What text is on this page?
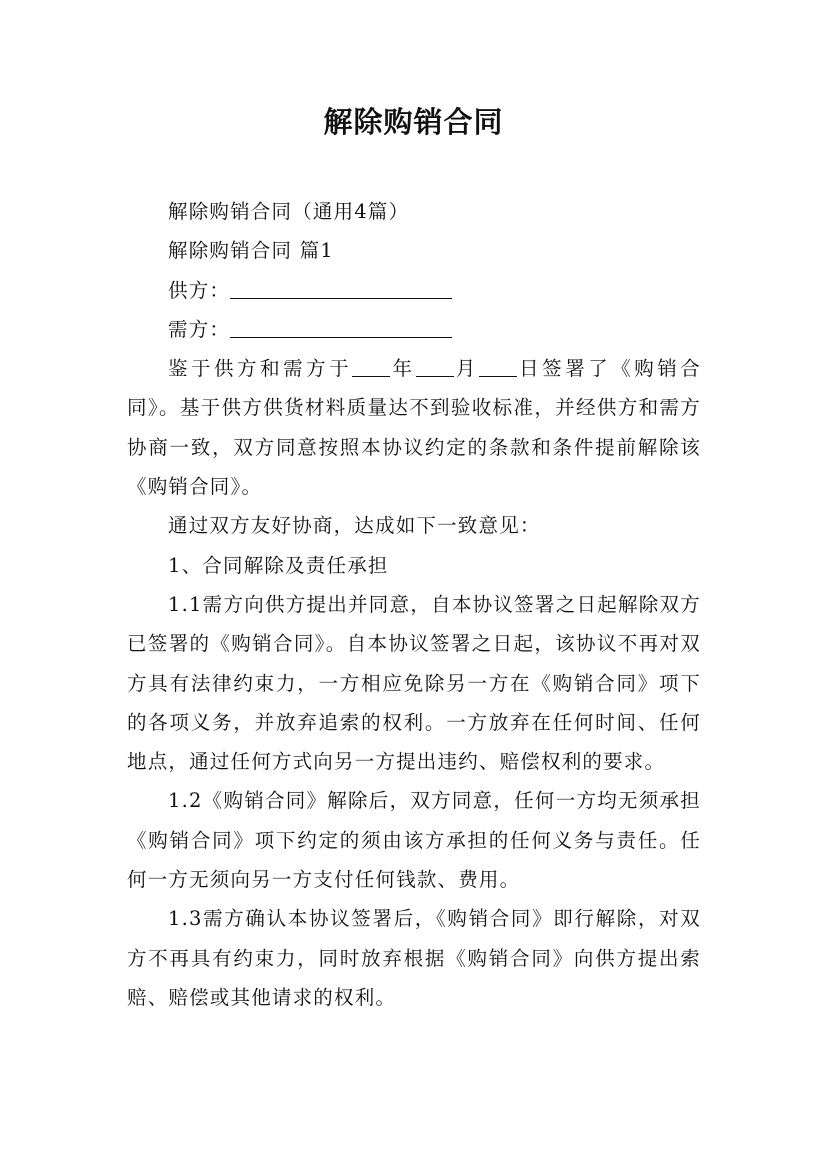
解除购销合同

解除购销合同（通用4篇）

解除购销合同 篇1

供方：

需方：

鉴于供方和需方于 年 月 日签署了《购销合同》。基于供方供货材料质量达不到验收标准，并经供方和需方协商一致，双方同意按照本协议约定的条款和条件提前解除该《购销合同》。

通过双方友好协商，达成如下一致意见：

1、合同解除及责任承担

1.1需方向供方提出并同意，自本协议签署之日起解除双方已签署的《购销合同》。自本协议签署之日起，该协议不再对双方具有法律约束力，一方相应免除另一方在《购销合同》项下的各项义务，并放弃追索的权利。一方放弃在任何时间、任何地点，通过任何方式向另一方提出违约、赔偿权利的要求。

1.2《购销合同》解除后，双方同意，任何一方均无须承担《购销合同》项下约定的须由该方承担的任何义务与责任。任何一方无须向另一方支付任何钱款、费用。

1.3需方确认本协议签署后，《购销合同》即行解除，对双方不再具有约束力，同时放弃根据《购销合同》向供方提出索赔、赔偿或其他请求的权利。
